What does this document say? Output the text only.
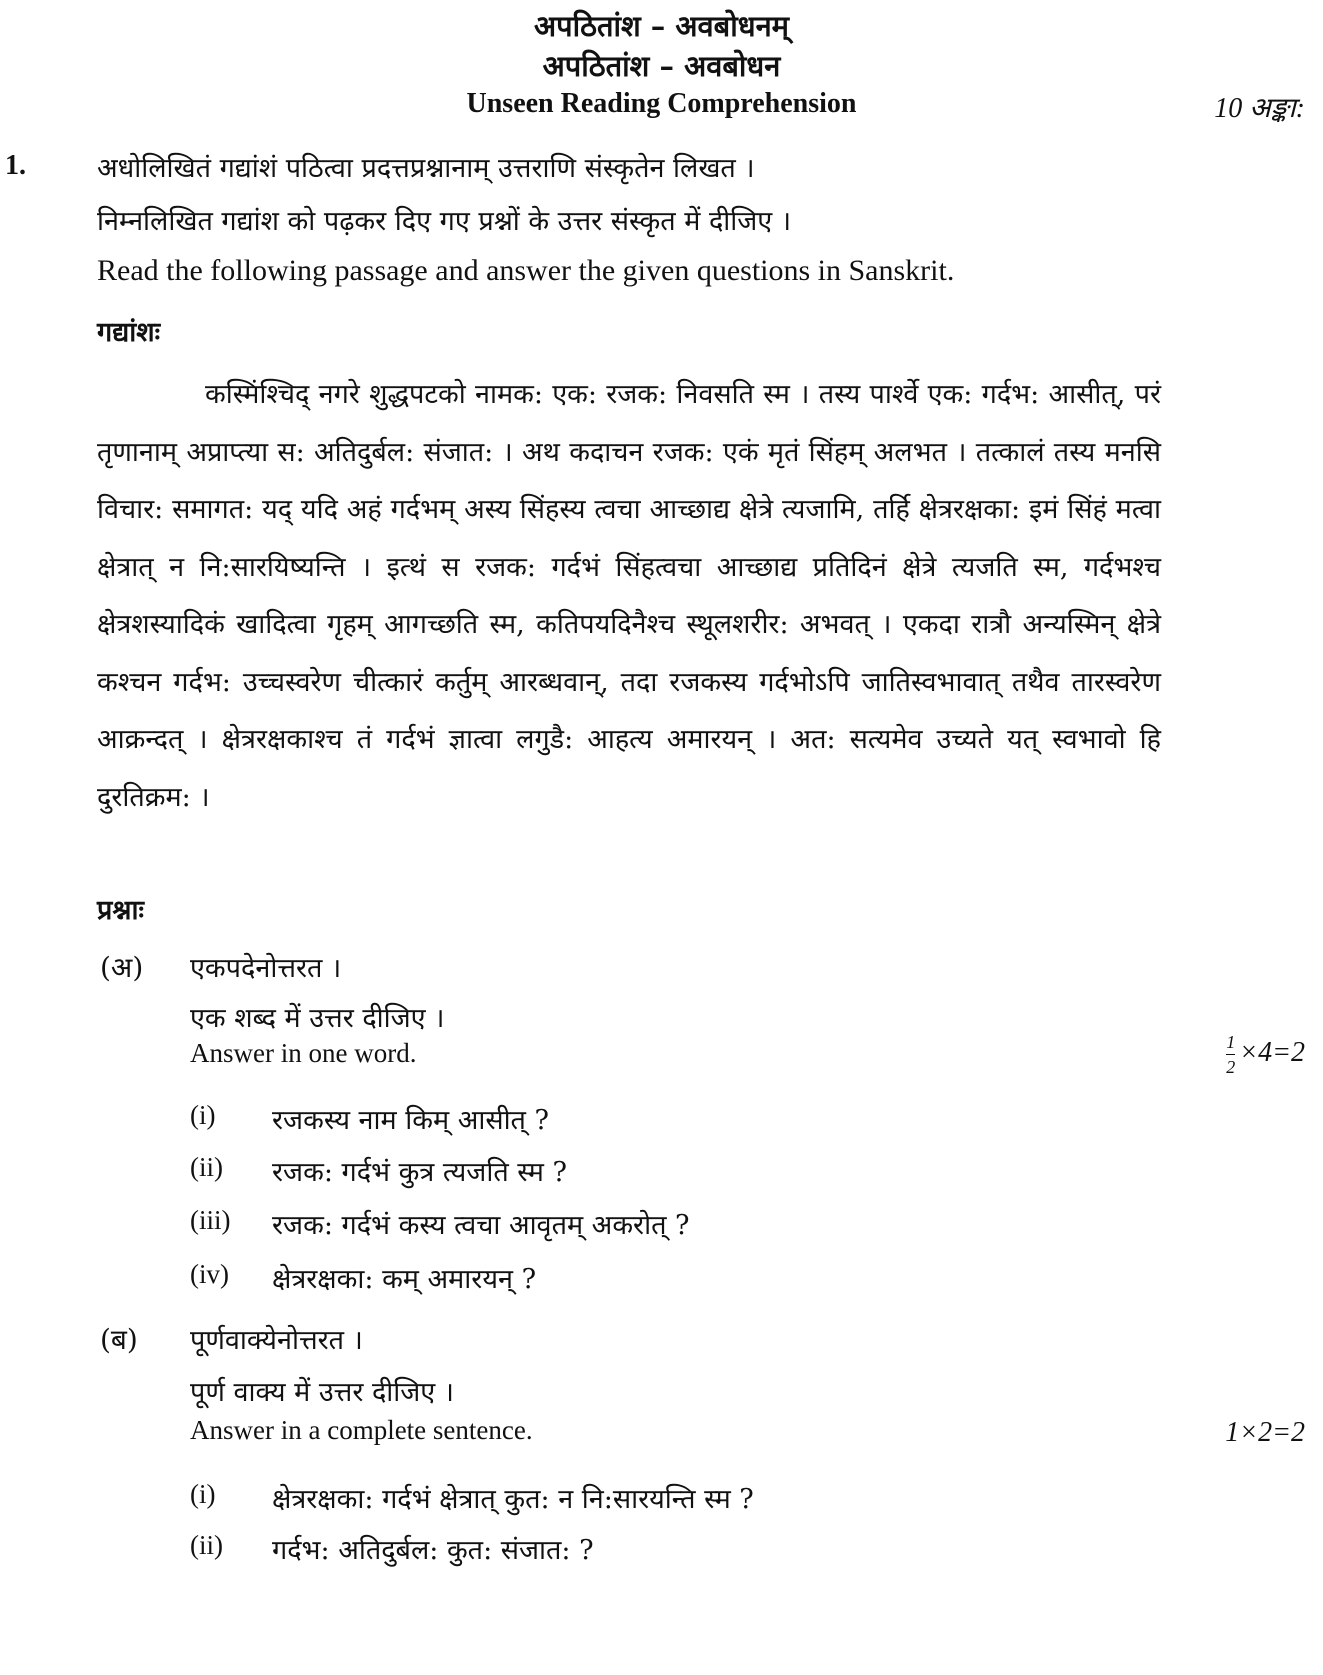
अपठितांश – अवबोधनम्
अपठितांश – अवबोधन
Unseen Reading Comprehension	10 अङ्का:
1.	अधोलिखितं गद्यांशं पठित्वा प्रदत्तप्रश्नानाम् उत्तराणि संस्कृतेन लिखत ।
निम्नलिखित गद्यांश को पढ़कर दिए गए प्रश्नों के उत्तर संस्कृत में दीजिए ।
Read the following passage and answer the given questions in Sanskrit.
गद्यांशः
कस्मिंश्चिद् नगरे शुद्धपटको नामक: एक: रजक: निवसति स्म । तस्य पार्श्वे एक: गर्दभ: आसीत्, परं तृणानाम् अप्राप्त्या स: अतिदुर्बल: संजात: । अथ कदाचन रजक: एकं मृतं सिंहम् अलभत । तत्कालं तस्य मनसि विचार: समागत: यद् यदि अहं गर्दभम् अस्य सिंहस्य त्वचा आच्छाद्य क्षेत्रे त्यजामि, तर्हि क्षेत्ररक्षका: इमं सिंहं मत्वा क्षेत्रात् न नि:सारयिष्यन्ति । इत्थं स रजक: गर्दभं सिंहत्वचा आच्छाद्य प्रतिदिनं क्षेत्रे त्यजति स्म, गर्दभश्च क्षेत्रशस्यादिकं खादित्वा गृहम् आगच्छति स्म, कतिपयदिनैश्च स्थूलशरीर: अभवत् । एकदा रात्रौ अन्यस्मिन् क्षेत्रे कश्चन गर्दभ: उच्चस्वरेण चीत्कारं कर्तुम् आरब्धवान्, तदा रजकस्य गर्दभोऽपि जातिस्वभावात् तथैव तारस्वरेण आक्रन्दत् । क्षेत्ररक्षकाश्च तं गर्दभं ज्ञात्वा लगुडै: आहत्य अमारयन् । अत: सत्यमेव उच्यते यत् स्वभावो हि दुरतिक्रम: ।
प्रश्नाः
(अ) एकपदेनोत्तरत ।
एक शब्द में उत्तर दीजिए ।
Answer in one word.	$\frac{1}{2} \times 4=2$
(i) रजकस्य नाम किम् आसीत् ?
(ii) रजक: गर्दभं कुत्र त्यजति स्म ?
(iii) रजक: गर्दभं कस्य त्वचा आवृतम् अकरोत् ?
(iv) क्षेत्ररक्षका: कम् अमारयन् ?
(ब) पूर्णवाक्येनोत्तरत ।
पूर्ण वाक्य में उत्तर दीजिए ।
Answer in a complete sentence.	1×2=2
(i) क्षेत्ररक्षका: गर्दभं क्षेत्रात् कुत: न नि:सारयन्ति स्म ?
(ii) गर्दभ: अतिदुर्बल: कुत: संजात: ?
